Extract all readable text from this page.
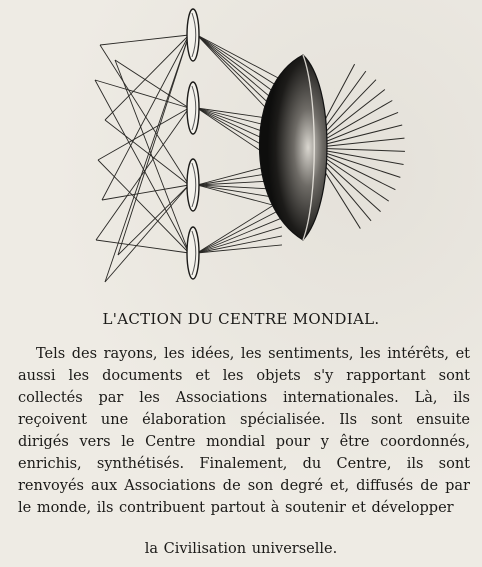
L'ACTION DU CENTRE MONDIAL.

Tels des rayons, les idées, les sentiments, les intérêts, et aussi les documents et les objets s'y rapportant sont collectés par les Associations internationales. Là, ils reçoivent une élaboration spécialisée. Ils sont ensuite dirigés vers le Centre mondial pour y être coordonnés, enrichis, synthétisés. Finalement, du Centre, ils sont renvoyés aux Associations de son degré et, diffusés de par le monde, ils contribuent partout à soutenir et développer

la Civilisation universelle.
